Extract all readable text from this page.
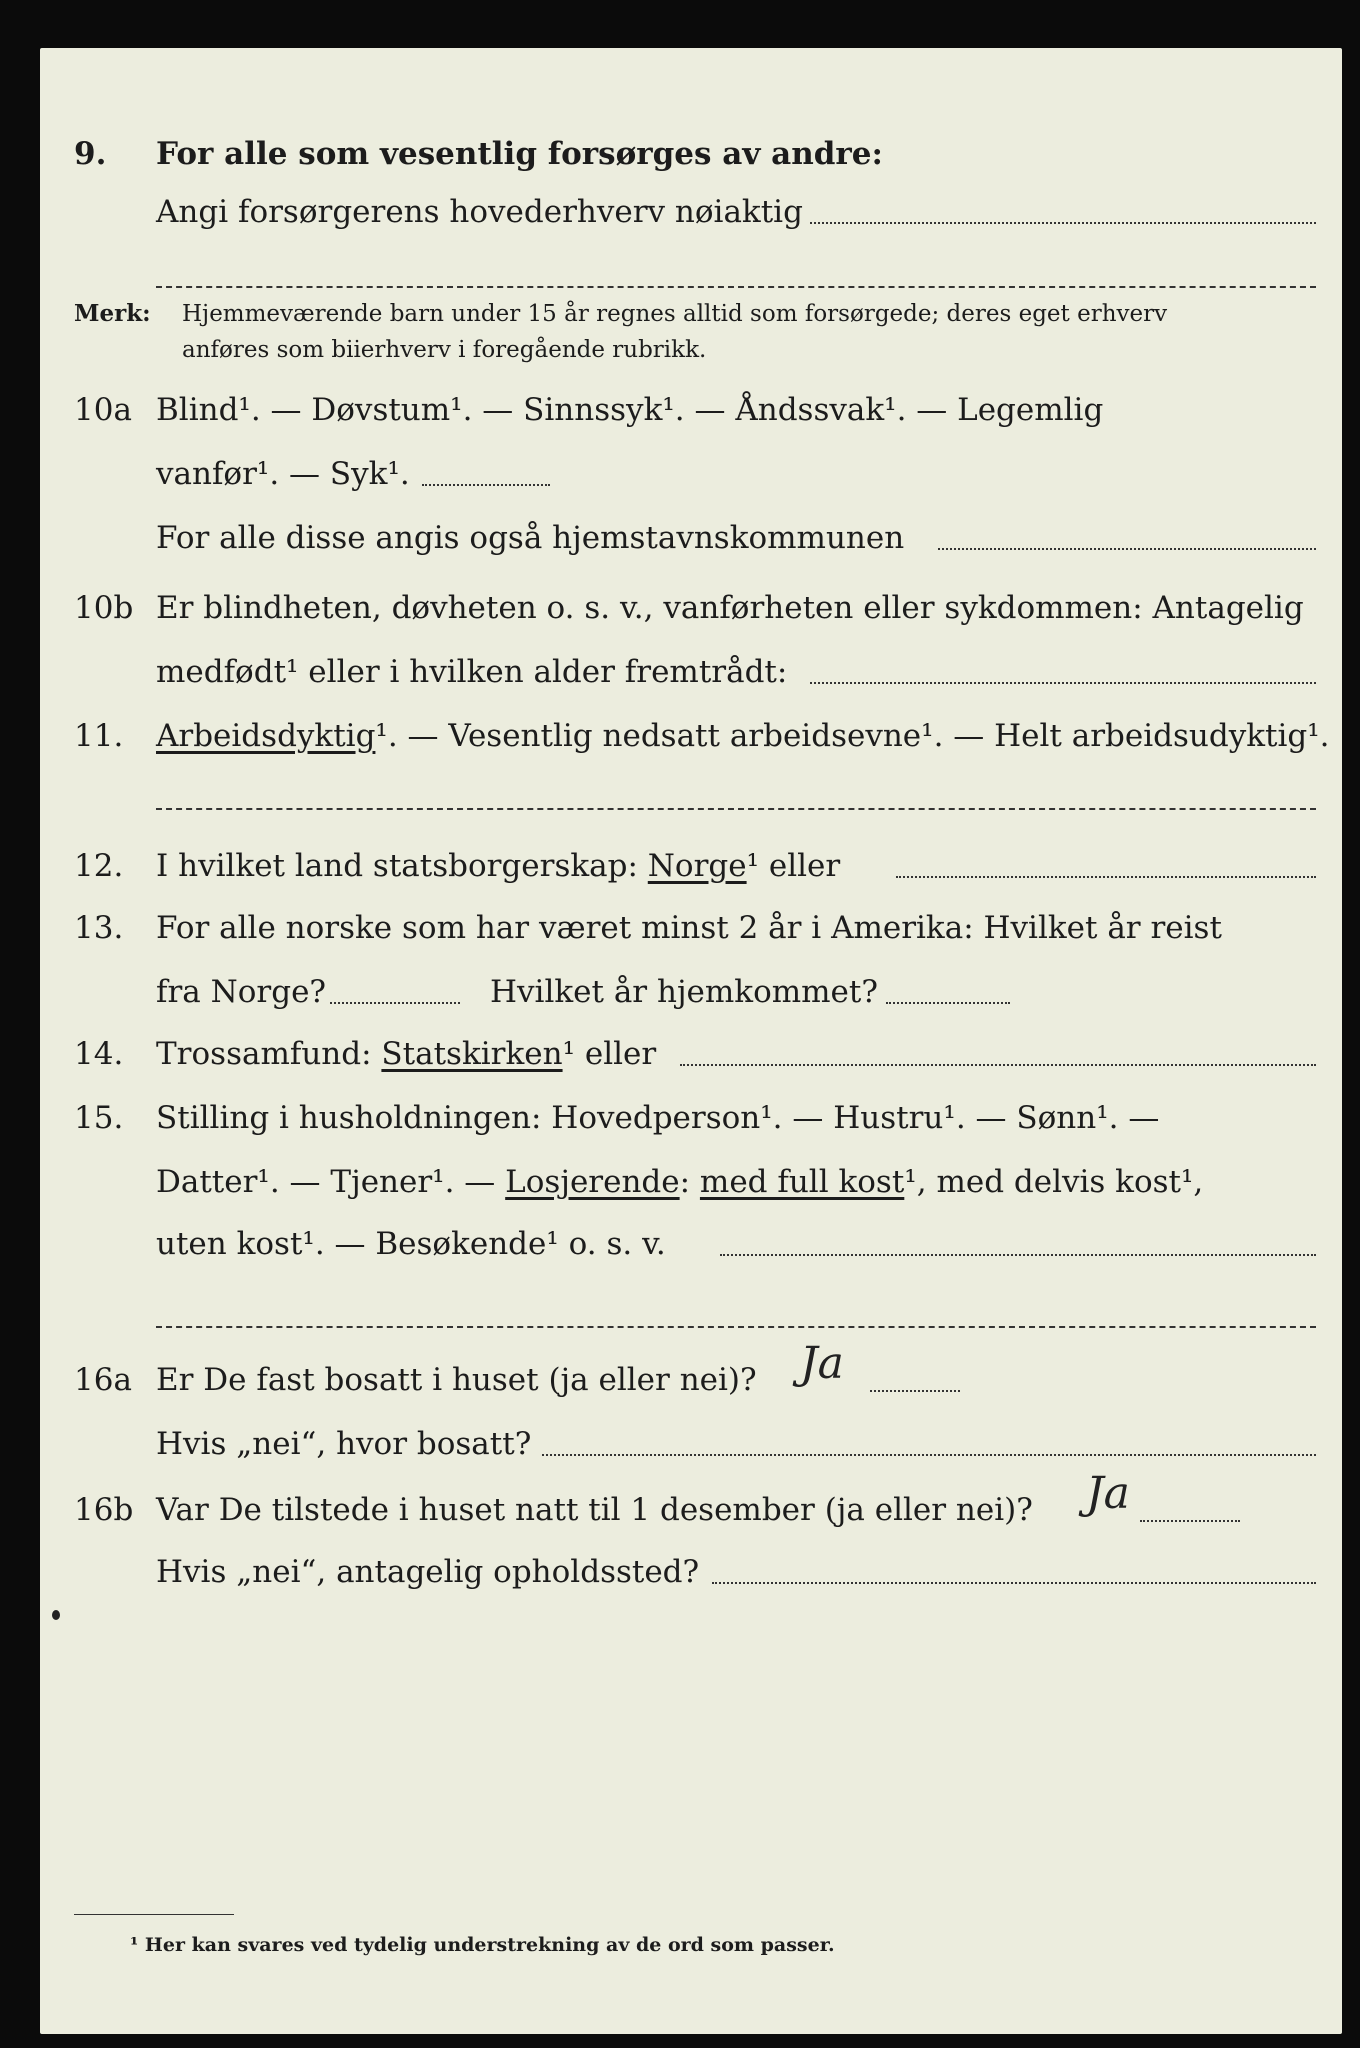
9. For alle som vesentlig forsørges av andre:
Angi forsørgerens hovederhverv nøiaktig
Merk: Hjemmeværende barn under 15 år regnes alltid som forsørgede; deres eget erhverv
anføres som biierhverv i foregående rubrikk.
10a Blind¹. — Døvstum¹. — Sinnssyk¹. — Åndssvak¹. — Legemlig
vanfør¹. — Syk¹.
For alle disse angis også hjemstavnskommunen
10b Er blindheten, døvheten o. s. v., vanførheten eller sykdommen: Antagelig
medfødt¹ eller i hvilken alder fremtrådt:
11. Arbeidsdyktig¹. — Vesentlig nedsatt arbeidsevne¹. — Helt arbeidsudyktig¹.
12. I hvilket land statsborgerskap: Norge¹ eller
13. For alle norske som har været minst 2 år i Amerika: Hvilket år reist
fra Norge?	Hvilket år hjemkommet?
14. Trossamfund: Statskirken¹ eller
15. Stilling i husholdningen: Hovedperson¹. — Hustru¹. — Sønn¹. —
Datter¹. — Tjener¹. — Losjerende: med full kost¹, med delvis kost¹,
uten kost¹. — Besøkende¹ o. s. v.
16a Er De fast bosatt i huset (ja eller nei)? Ja
Hvis „nei“, hvor bosatt?
16b Var De tilstede i huset natt til 1 desember (ja eller nei)? Ja
Hvis „nei“, antagelig opholdssted?
¹ Her kan svares ved tydelig understrekning av de ord som passer.
